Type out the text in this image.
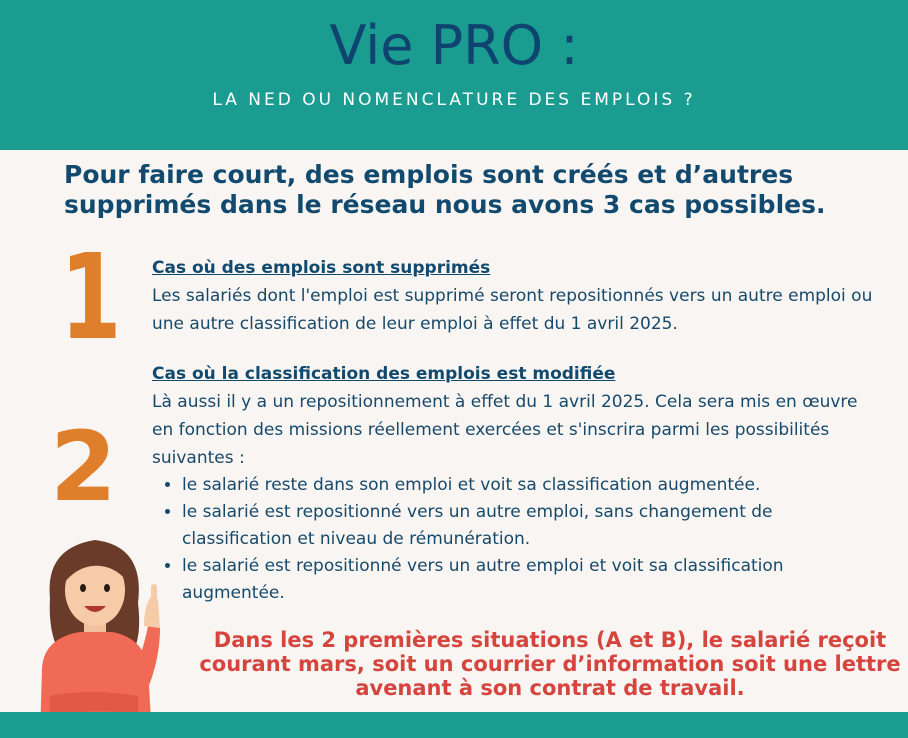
Vie PRO :
LA NED OU NOMENCLATURE DES EMPLOIS ?
Pour faire court, des emplois sont créés et d’autres supprimés dans le réseau nous avons 3 cas possibles.
1 Cas où des emplois sont supprimés
Les salariés dont l'emploi est supprimé seront repositionnés vers un autre emploi ou une autre classification de leur emploi à effet du 1 avril 2025.
2
Cas où la classification des emplois est modifiée
Là aussi il y a un repositionnement à effet du 1 avril 2025. Cela sera mis en œuvre en fonction des missions réellement exercées et s'inscrira parmi les possibilités suivantes :
• le salarié reste dans son emploi et voit sa classification augmentée.
• le salarié est repositionné vers un autre emploi, sans changement de classification et niveau de rémunération.
• le salarié est repositionné vers un autre emploi et voit sa classification augmentée.
Dans les 2 premières situations (A et B), le salarié reçoit courant mars, soit un courrier d’information soit une lettre avenant à son contrat de travail.
